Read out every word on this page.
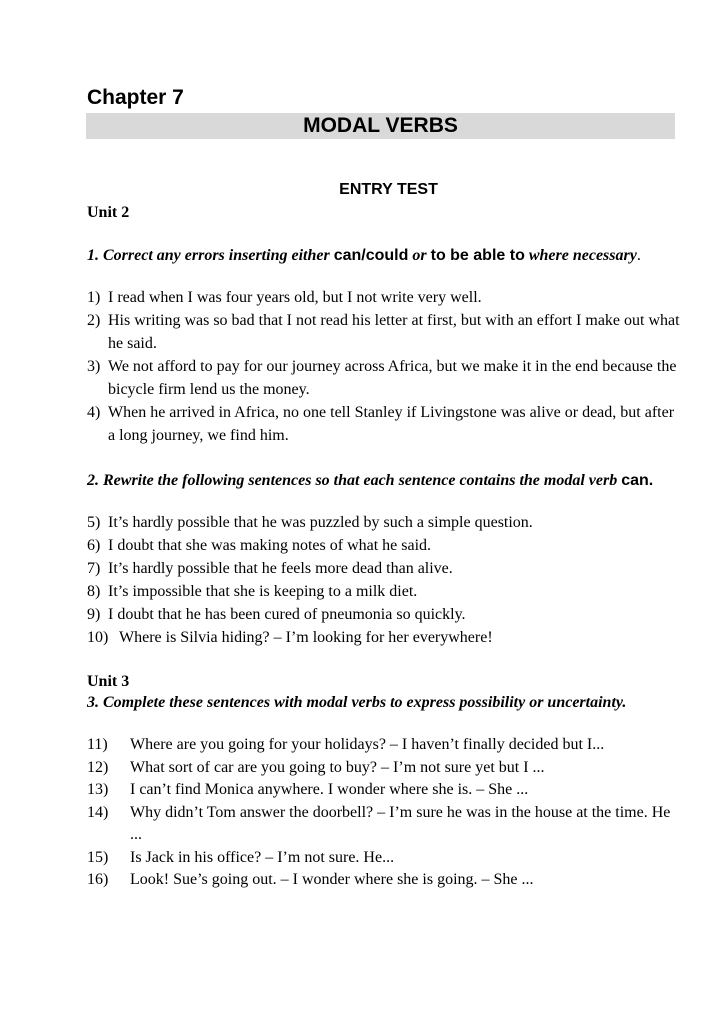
Chapter 7
MODAL VERBS
ENTRY TEST
Unit 2
1. Correct any errors inserting either can/could or to be able to where necessary.
1) I read when I was four years old, but I not write very well.
2) His writing was so bad that I not read his letter at first, but with an effort I make out what he said.
3) We not afford to pay for our journey across Africa, but we make it in the end because the bicycle firm lend us the money.
4) When he arrived in Africa, no one tell Stanley if Livingstone was alive or dead, but after a long journey, we find him.
2. Rewrite the following sentences so that each sentence contains the modal verb can.
5) It’s hardly possible that he was puzzled by such a simple question.
6) I doubt that she was making notes of what he said.
7) It’s hardly possible that he feels more dead than alive.
8) It’s impossible that she is keeping to a milk diet.
9) I doubt that he has been cured of pneumonia so quickly.
10) Where is Silvia hiding? – I’m looking for her everywhere!
Unit 3
3. Complete these sentences with modal verbs to express possibility or uncertainty.
11)	Where are you going for your holidays? – I haven’t finally decided but I...
12)	What sort of car are you going to buy? – I’m not sure yet but I ...
13)	I can’t find Monica anywhere. I wonder where she is. – She ...
14)	Why didn’t Tom answer the doorbell? – I’m sure he was in the house at the time. He ...
15)	Is Jack in his office? – I’m not sure. He...
16)	Look! Sue’s going out. – I wonder where she is going. – She ...
